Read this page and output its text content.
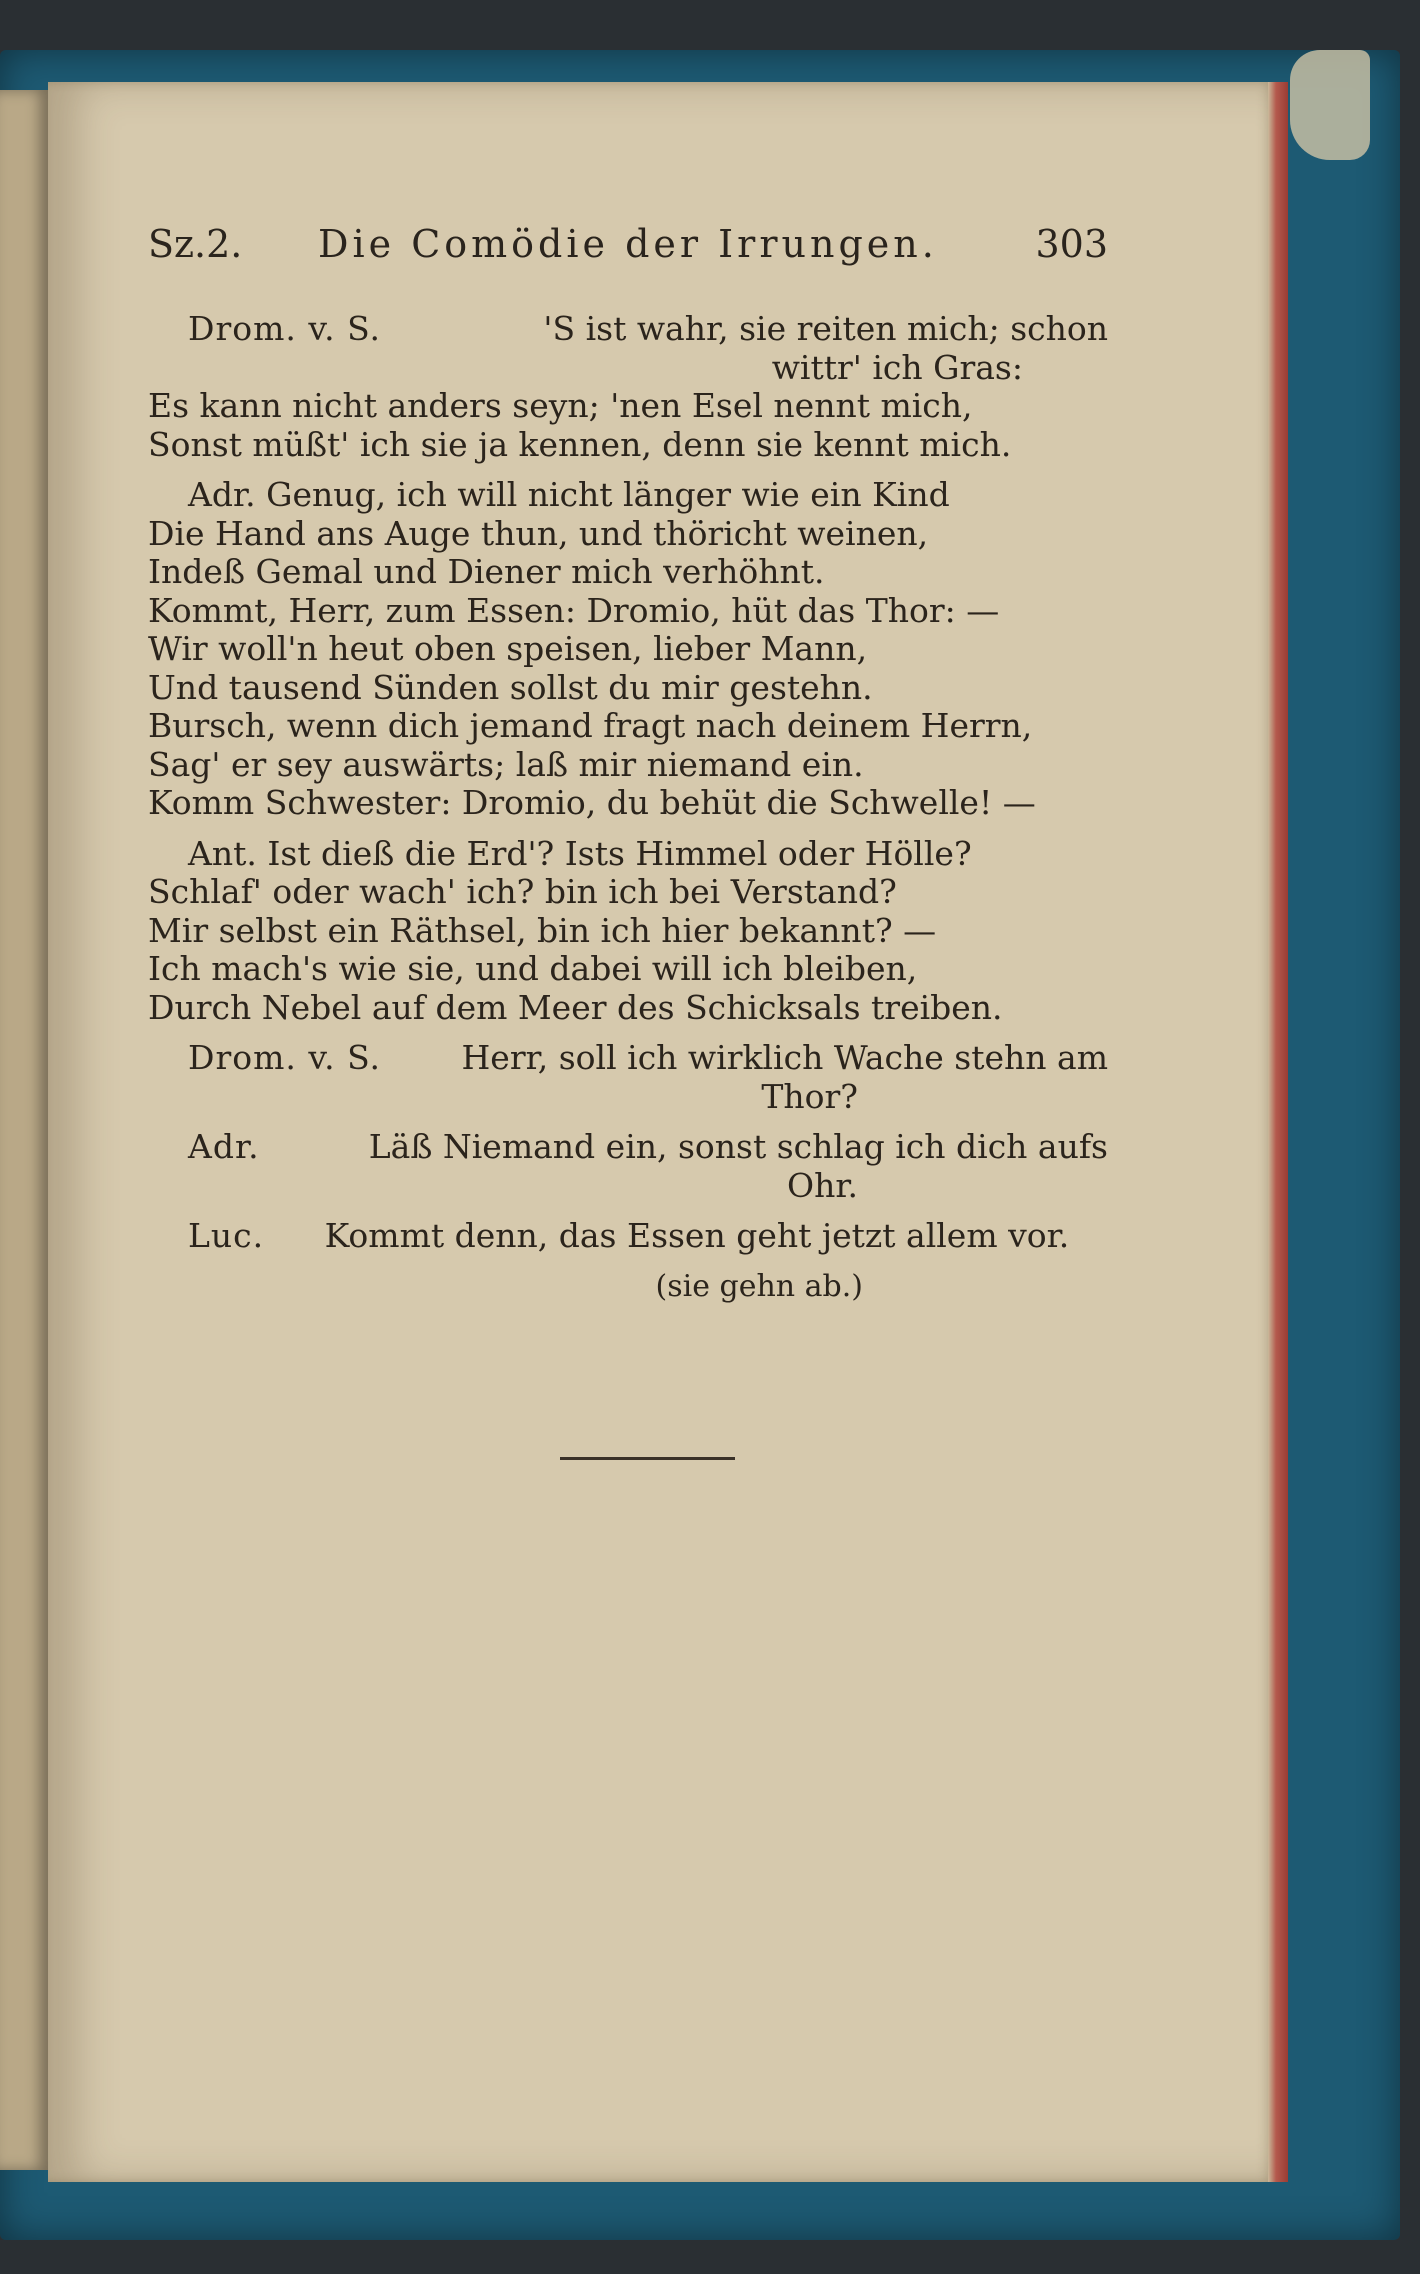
Sz.2. Die Comödie der Irrungen.	303
Drom. v. S.	'S ist wahr, sie reiten mich; schon
wittr' ich Gras:
Es kann nicht anders seyn; 'nen Esel nennt mich,
Sonst müßt' ich sie ja kennen, denn sie kennt mich.
Adr. Genug, ich will nicht länger wie ein Kind
Die Hand ans Auge thun, und thöricht weinen,
Indeß Gemal und Diener mich verhöhnt.
Kommt, Herr, zum Essen: Dromio, hüt das Thor: —
Wir woll'n heut oben speisen, lieber Mann,
Und tausend Sünden sollst du mir gestehn.
Bursch, wenn dich jemand fragt nach deinem Herrn,
Sag' er sey auswärts; laß mir niemand ein.
Komm Schwester: Dromio, du behüt die Schwelle! —
Ant. Ist dieß die Erd'? Ists Himmel oder Hölle?
Schlaf' oder wach' ich? bin ich bei Verstand?
Mir selbst ein Räthsel, bin ich hier bekannt? —
Ich mach's wie sie, und dabei will ich bleiben,
Durch Nebel auf dem Meer des Schicksals treiben.
Drom. v. S. Herr, soll ich wirklich Wache stehn am
Thor?
Adr.	Läß Niemand ein, sonst schlag ich dich aufs
Ohr.
Luc. Kommt denn, das Essen geht jetzt allem vor.
(sie gehn ab.)
